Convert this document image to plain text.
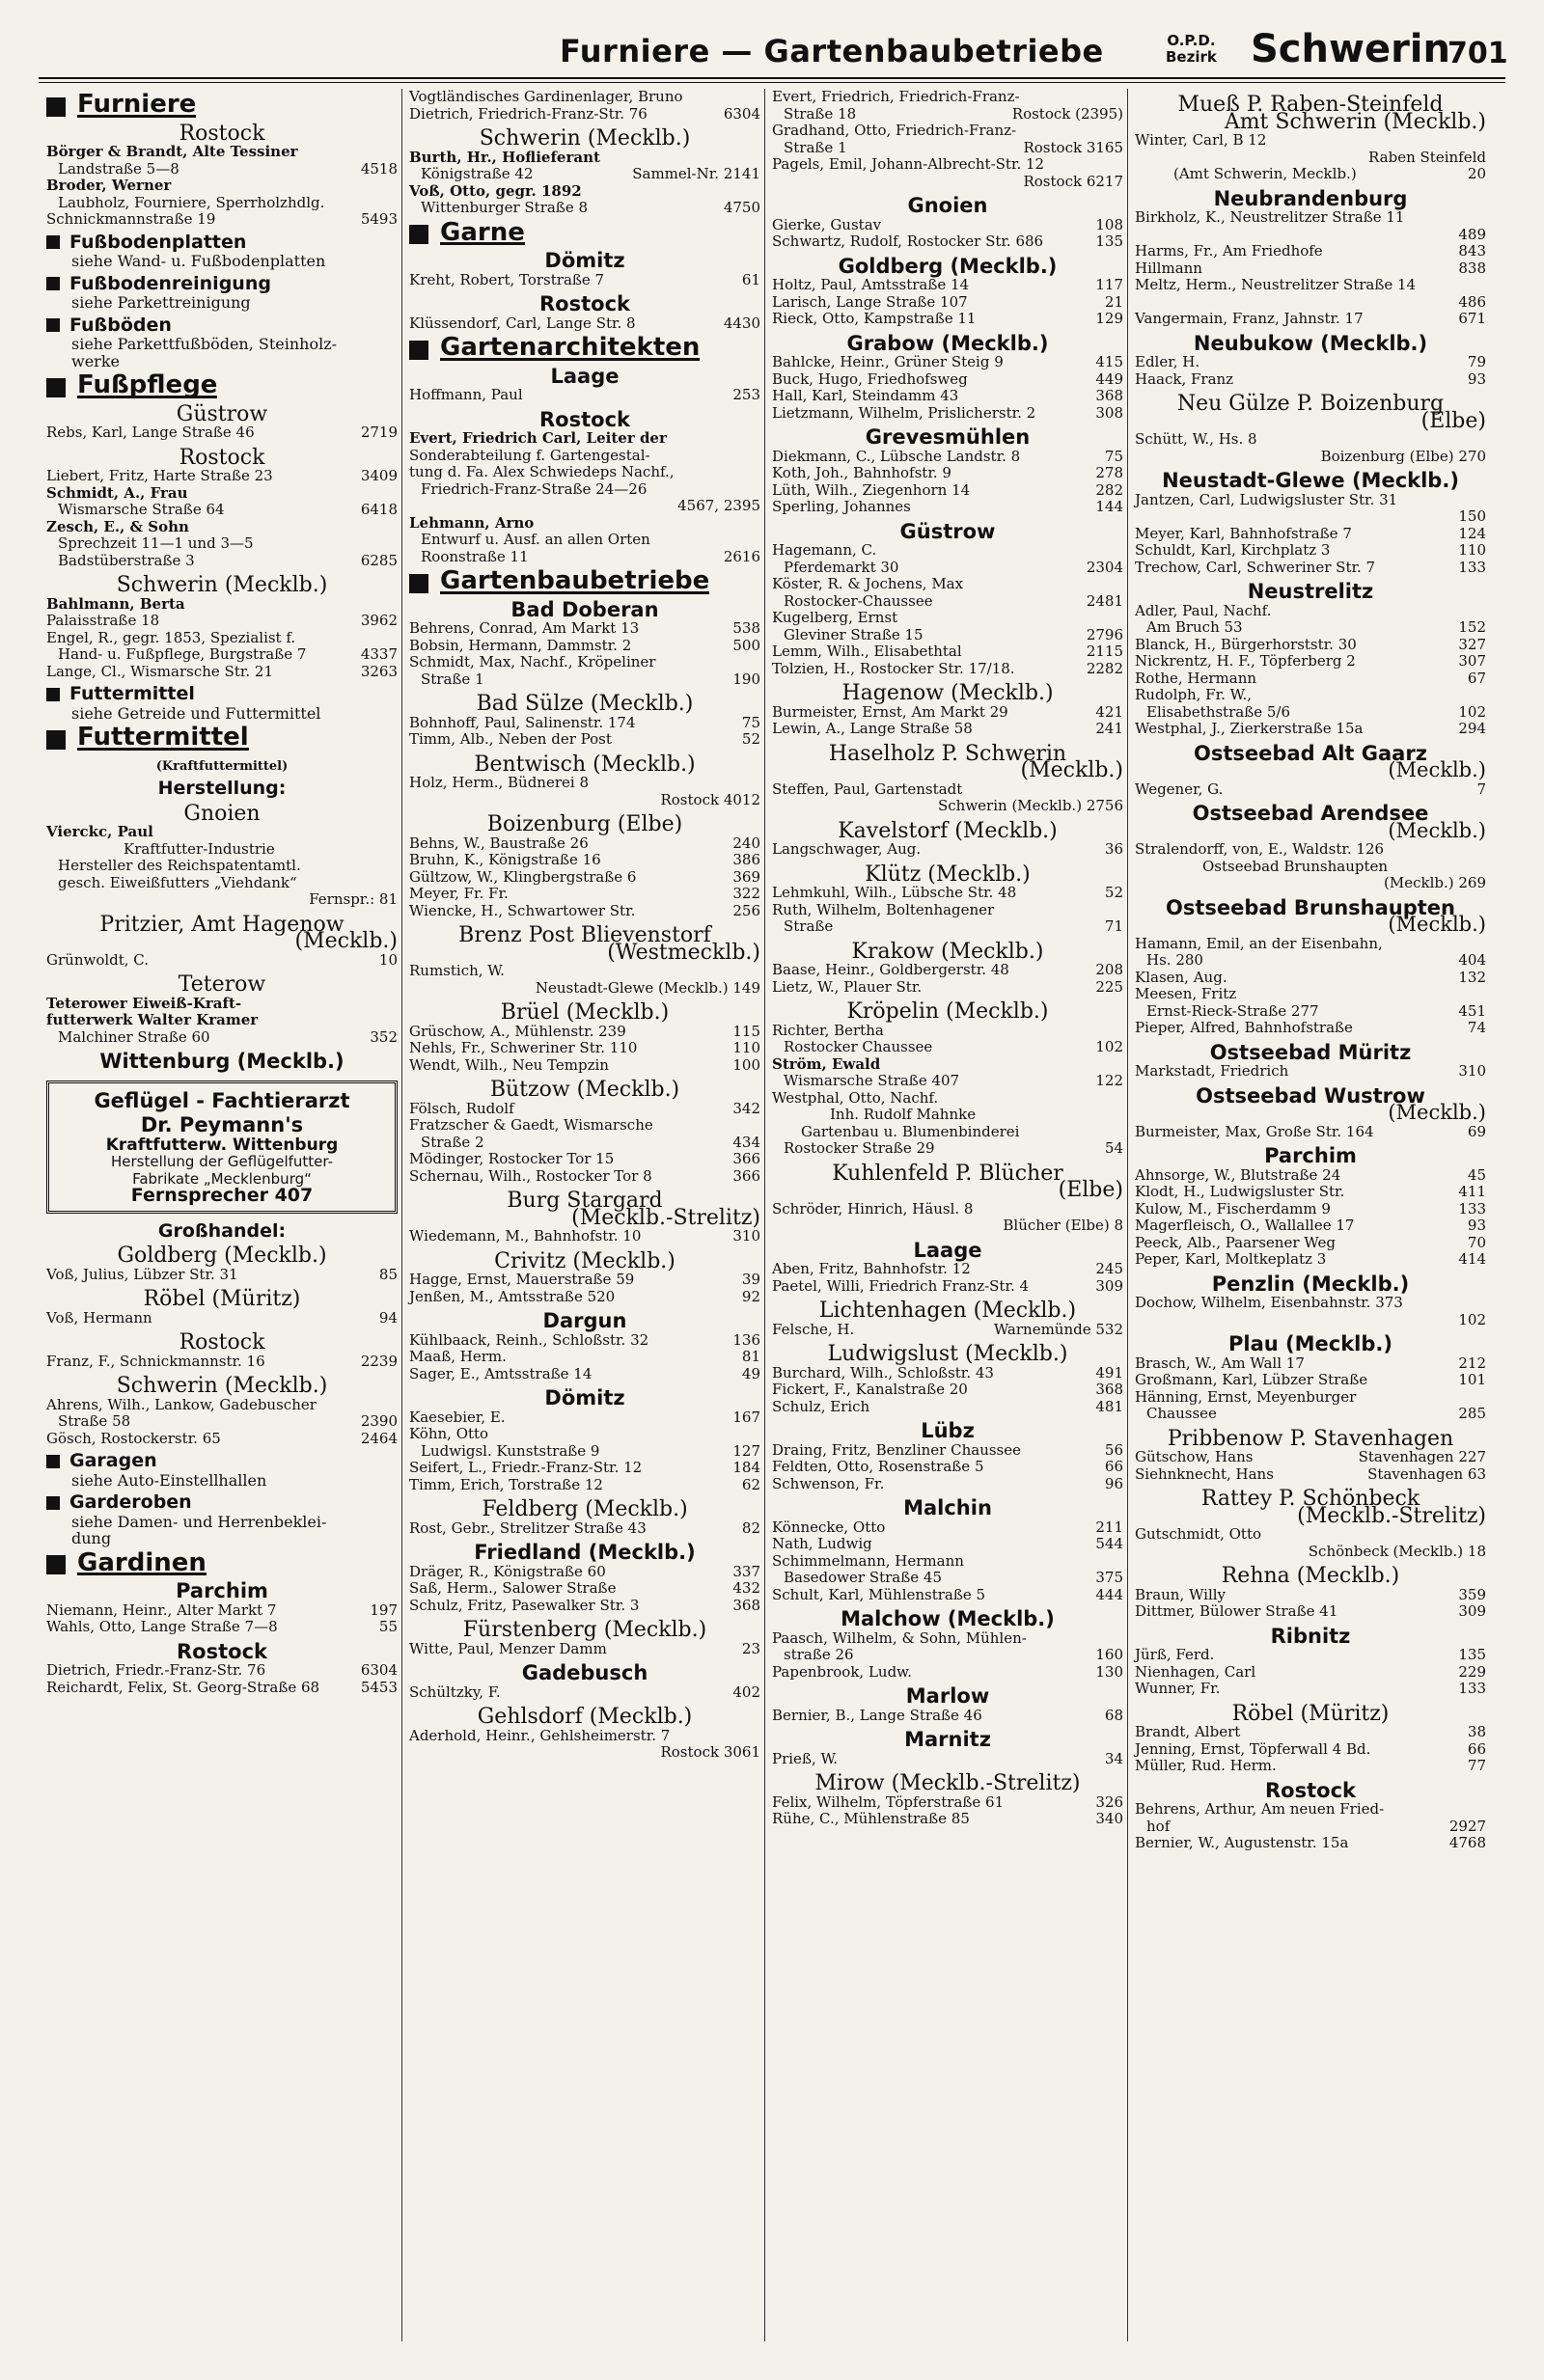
Furniere — Gartenbaubetriebe	O.P.D.
Bezirk Schwerin
701
Furniere
Rostock
Börger & Brandt, Alte Tessiner
Landstraße 5—8	4518
Broder, Werner
Laubholz, Fourniere, Sperrholzhdlg.
Schnickmannstraße 19	5493
Fußbodenplatten
siehe Wand- u. Fußbodenplatten
Fußbodenreinigung
siehe Parkettreinigung
Fußböden
siehe Parkettfußböden, Steinholz-
werke
Fußpflege
Güstrow
Rebs, Karl, Lange Straße 46	2719
Rostock
Liebert, Fritz, Harte Straße 23	3409
Schmidt, A., Frau
Wismarsche Straße 64	6418
Zesch, E., & Sohn
Sprechzeit 11—1 und 3—5
Badstüberstraße 3	6285
Schwerin (Mecklb.)
Bahlmann, Berta
Palaisstraße 18	3962
Engel, R., gegr. 1853, Spezialist f.
Hand- u. Fußpflege, Burgstraße 7	4337
Lange, Cl., Wismarsche Str. 21	3263
Futtermittel
siehe Getreide und Futtermittel
Futtermittel
(Kraftfuttermittel)
Herstellung:
Gnoien
Vierckc, Paul
Kraftfutter-Industrie
Hersteller des Reichspatentamtl.
gesch. Eiweißfutters „Viehdank“
Fernspr.: 81
Pritzier, Amt Hagenow
(Mecklb.)
Grünwoldt, C.	10
Teterow
Teterower Eiweiß-Kraft-
futterwerk Walter Kramer
Malchiner Straße 60	352
Wittenburg (Mecklb.)
Geflügel - Fachtierarzt
Dr. Peymann's
Kraftfutterw. Wittenburg
Herstellung der Geflügelfutter-
Fabrikate „Mecklenburg“
Fernsprecher 407
Großhandel:
Goldberg (Mecklb.)
Voß, Julius, Lübzer Str. 31	85
Röbel (Müritz)
Voß, Hermann	94
Rostock
Franz, F., Schnickmannstr. 16	2239
Schwerin (Mecklb.)
Ahrens, Wilh., Lankow, Gadebuscher
Straße 58	2390
Gösch, Rostockerstr. 65	2464
Garagen
siehe Auto-Einstellhallen
Garderoben
siehe Damen- und Herrenbeklei-
dung
Gardinen
Parchim
Niemann, Heinr., Alter Markt 7	197
Wahls, Otto, Lange Straße 7—8	55
Rostock
Dietrich, Friedr.-Franz-Str. 76	6304
Reichardt, Felix, St. Georg-Straße 68	5453
Vogtländisches Gardinenlager, Bruno
Dietrich, Friedrich-Franz-Str. 76	6304
Schwerin (Mecklb.)
Burth, Hr., Hoflieferant
Königstraße 42	Sammel-Nr. 2141
Voß, Otto, gegr. 1892
Wittenburger Straße 8	4750
Garne
Dömitz
Kreht, Robert, Torstraße 7	61
Rostock
Klüssendorf, Carl, Lange Str. 8	4430
Gartenarchitekten
Laage
Hoffmann, Paul	253
Rostock
Evert, Friedrich Carl, Leiter der
Sonderabteilung f. Gartengestal-
tung d. Fa. Alex Schwiedeps Nachf.,
Friedrich-Franz-Straße 24—26
4567, 2395
Lehmann, Arno
Entwurf u. Ausf. an allen Orten
Roonstraße 11	2616
Gartenbaubetriebe
Bad Doberan
Behrens, Conrad, Am Markt 13	538
Bobsin, Hermann, Dammstr. 2	500
Schmidt, Max, Nachf., Kröpeliner
Straße 1	190
Bad Sülze (Mecklb.)
Bohnhoff, Paul, Salinenstr. 174	75
Timm, Alb., Neben der Post	52
Bentwisch (Mecklb.)
Holz, Herm., Büdnerei 8
Rostock 4012
Boizenburg (Elbe)
Behns, W., Baustraße 26	240
Bruhn, K., Königstraße 16	386
Gültzow, W., Klingbergstraße 6	369
Meyer, Fr. Fr.	322
Wiencke, H., Schwartower Str.	256
Brenz Post Blievenstorf
(Westmecklb.)
Rumstich, W.
Neustadt-Glewe (Mecklb.) 149
Brüel (Mecklb.)
Grüschow, A., Mühlenstr. 239	115
Nehls, Fr., Schweriner Str. 110	110
Wendt, Wilh., Neu Tempzin	100
Bützow (Mecklb.)
Fölsch, Rudolf	342
Fratzscher & Gaedt, Wismarsche
Straße 2	434
Mödinger, Rostocker Tor 15	366
Schernau, Wilh., Rostocker Tor 8	366
Burg Stargard
(Mecklb.-Strelitz)
Wiedemann, M., Bahnhofstr. 10	310
Crivitz (Mecklb.)
Hagge, Ernst, Mauerstraße 59	39
Jenßen, M., Amtsstraße 520	92
Dargun
Kühlbaack, Reinh., Schloßstr. 32	136
Maaß, Herm.	81
Sager, E., Amtsstraße 14	49
Dömitz
Kaesebier, E.	167
Köhn, Otto
Ludwigsl. Kunststraße 9	127
Seifert, L., Friedr.-Franz-Str. 12	184
Timm, Erich, Torstraße 12	62
Feldberg (Mecklb.)
Rost, Gebr., Strelitzer Straße 43	82
Friedland (Mecklb.)
Dräger, R., Königstraße 60	337
Saß, Herm., Salower Straße	432
Schulz, Fritz, Pasewalker Str. 3	368
Fürstenberg (Mecklb.)
Witte, Paul, Menzer Damm	23
Gadebusch
Schültzky, F.	402
Gehlsdorf (Mecklb.)
Aderhold, Heinr., Gehlsheimerstr. 7
Rostock 3061
Evert, Friedrich, Friedrich-Franz-
Straße 18	Rostock (2395)
Gradhand, Otto, Friedrich-Franz-
Straße 1	Rostock 3165
Pagels, Emil, Johann-Albrecht-Str. 12
Rostock 6217
Gnoien
Gierke, Gustav	108
Schwartz, Rudolf, Rostocker Str. 686	135
Goldberg (Mecklb.)
Holtz, Paul, Amtsstraße 14	117
Larisch, Lange Straße 107	21
Rieck, Otto, Kampstraße 11	129
Grabow (Mecklb.)
Bahlcke, Heinr., Grüner Steig 9	415
Buck, Hugo, Friedhofsweg	449
Hall, Karl, Steindamm 43	368
Lietzmann, Wilhelm, Prislicherstr. 2	308
Grevesmühlen
Diekmann, C., Lübsche Landstr. 8	75
Koth, Joh., Bahnhofstr. 9	278
Lüth, Wilh., Ziegenhorn 14	282
Sperling, Johannes	144
Güstrow
Hagemann, C.
Pferdemarkt 30	2304
Köster, R. & Jochens, Max
Rostocker-Chaussee	2481
Kugelberg, Ernst
Gleviner Straße 15	2796
Lemm, Wilh., Elisabethtal	2115
Tolzien, H., Rostocker Str. 17/18.	2282
Hagenow (Mecklb.)
Burmeister, Ernst, Am Markt 29	421
Lewin, A., Lange Straße 58	241
Haselholz P. Schwerin
(Mecklb.)
Steffen, Paul, Gartenstadt
Schwerin (Mecklb.) 2756
Kavelstorf (Mecklb.)
Langschwager, Aug.	36
Klütz (Mecklb.)
Lehmkuhl, Wilh., Lübsche Str. 48	52
Ruth, Wilhelm, Boltenhagener
Straße	71
Krakow (Mecklb.)
Baase, Heinr., Goldbergerstr. 48	208
Lietz, W., Plauer Str.	225
Kröpelin (Mecklb.)
Richter, Bertha
Rostocker Chaussee	102
Ström, Ewald
Wismarsche Straße 407	122
Westphal, Otto, Nachf.
Inh. Rudolf Mahnke
Gartenbau u. Blumenbinderei
Rostocker Straße 29	54
Kuhlenfeld P. Blücher
(Elbe)
Schröder, Hinrich, Häusl. 8
Blücher (Elbe) 8
Laage
Aben, Fritz, Bahnhofstr. 12	245
Paetel, Willi, Friedrich Franz-Str. 4	309
Lichtenhagen (Mecklb.)
Felsche, H.	Warnemünde 532
Ludwigslust (Mecklb.)
Burchard, Wilh., Schloßstr. 43	491
Fickert, F., Kanalstraße 20	368
Schulz, Erich	481
Lübz
Draing, Fritz, Benzliner Chaussee	56
Feldten, Otto, Rosenstraße 5	66
Schwenson, Fr.	96
Malchin
Könnecke, Otto	211
Nath, Ludwig	544
Schimmelmann, Hermann
Basedower Straße 45	375
Schult, Karl, Mühlenstraße 5	444
Malchow (Mecklb.)
Paasch, Wilhelm, & Sohn, Mühlen-
straße 26	160
Papenbrook, Ludw.	130
Marlow
Bernier, B., Lange Straße 46	68
Marnitz
Prieß, W.	34
Mirow (Mecklb.-Strelitz)
Felix, Wilhelm, Töpferstraße 61	326
Rühe, C., Mühlenstraße 85	340
Mueß P. Raben-Steinfeld
Amt Schwerin (Mecklb.)
Winter, Carl, B 12
Raben Steinfeld
(Amt Schwerin, Mecklb.)	20
Neubrandenburg
Birkholz, K., Neustrelitzer Straße 11
489
Harms, Fr., Am Friedhofe	843
Hillmann	838
Meltz, Herm., Neustrelitzer Straße 14
486
Vangermain, Franz, Jahnstr. 17	671
Neubukow (Mecklb.)
Edler, H.	79
Haack, Franz	93
Neu Gülze P. Boizenburg
(Elbe)
Schütt, W., Hs. 8
Boizenburg (Elbe) 270
Neustadt-Glewe (Mecklb.)
Jantzen, Carl, Ludwigsluster Str. 31
150
Meyer, Karl, Bahnhofstraße 7	124
Schuldt, Karl, Kirchplatz 3	110
Trechow, Carl, Schweriner Str. 7	133
Neustrelitz
Adler, Paul, Nachf.
Am Bruch 53	152
Blanck, H., Bürgerhorststr. 30	327
Nickrentz, H. F., Töpferberg 2	307
Rothe, Hermann	67
Rudolph, Fr. W.,
Elisabethstraße 5/6	102
Westphal, J., Zierkerstraße 15a	294
Ostseebad Alt Gaarz
(Mecklb.)
Wegener, G.	7
Ostseebad Arendsee
(Mecklb.)
Stralendorff, von, E., Waldstr. 126
Ostseebad Brunshaupten
(Mecklb.) 269
Ostseebad Brunshaupten
(Mecklb.)
Hamann, Emil, an der Eisenbahn,
Hs. 280	404
Klasen, Aug.	132
Meesen, Fritz
Ernst-Rieck-Straße 277	451
Pieper, Alfred, Bahnhofstraße	74
Ostseebad Müritz
Markstadt, Friedrich	310
Ostseebad Wustrow
(Mecklb.)
Burmeister, Max, Große Str. 164	69
Parchim
Ahnsorge, W., Blutstraße 24	45
Klodt, H., Ludwigsluster Str.	411
Kulow, M., Fischerdamm 9	133
Magerfleisch, O., Wallallee 17	93
Peeck, Alb., Paarsener Weg	70
Peper, Karl, Moltkeplatz 3	414
Penzlin (Mecklb.)
Dochow, Wilhelm, Eisenbahnstr. 373
102
Plau (Mecklb.)
Brasch, W., Am Wall 17	212
Großmann, Karl, Lübzer Straße	101
Hänning, Ernst, Meyenburger
Chaussee	285
Pribbenow P. Stavenhagen
Gütschow, Hans	Stavenhagen 227
Siehnknecht, Hans	Stavenhagen 63
Rattey P. Schönbeck
(Mecklb.-Strelitz)
Gutschmidt, Otto
Schönbeck (Mecklb.) 18
Rehna (Mecklb.)
Braun, Willy	359
Dittmer, Bülower Straße 41	309
Ribnitz
Jürß, Ferd.	135
Nienhagen, Carl	229
Wunner, Fr.	133
Röbel (Müritz)
Brandt, Albert	38
Jenning, Ernst, Töpferwall 4 Bd.	66
Müller, Rud. Herm.	77
Rostock
Behrens, Arthur, Am neuen Fried-
hof	2927
Bernier, W., Augustenstr. 15a	4768
